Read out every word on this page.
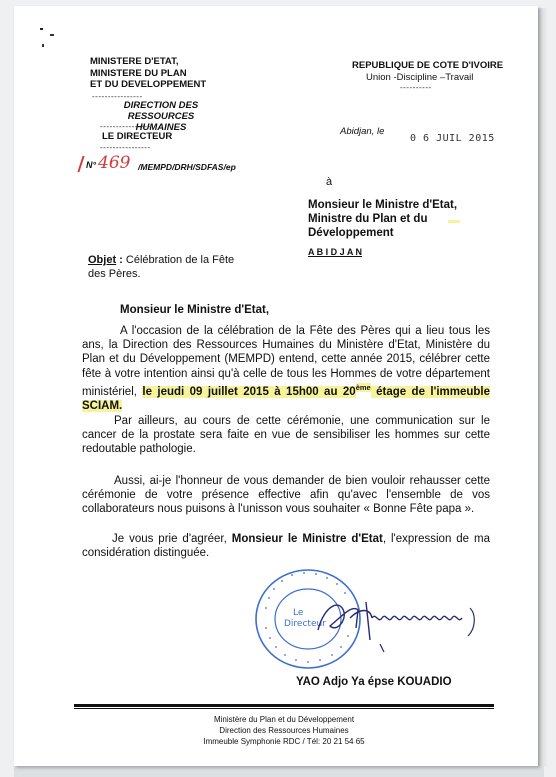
MINISTERE D'ETAT,
MINISTERE DU PLAN
ET DU DEVELOPPEMENT
----------------
DIRECTION DES RESSOURCES
HUMAINES
----------------
LE DIRECTEUR
----------------
REPUBLIQUE DE COTE D'IVOIRE
Union -Discipline –Travail
----------
Abidjan, le
0 6 JUIL 2015
N° 469 /MEMPD/DRH/SDFAS/ep
à
Monsieur le Ministre d'Etat,
Ministre du Plan et du
Développement
A B I D J A N
Objet : Célébration de la Fête
des Pères.
Monsieur le Ministre d'Etat,

A l'occasion de la célébration de la Fête des Pères qui a lieu tous les ans, la Direction des Ressources Humaines du Ministère d'Etat, Ministère du Plan et du Développement (MEMPD) entend, cette année 2015, célébrer cette fête à votre intention ainsi qu'à celle de tous les Hommes de votre département ministériel, le jeudi 09 juillet 2015 à 15h00 au 20ème étage de l'immeuble SCIAM.

Par ailleurs, au cours de cette cérémonie, une communication sur le cancer de la prostate sera faite en vue de sensibiliser les hommes sur cette redoutable pathologie.

Aussi, ai-je l'honneur de vous demander de bien vouloir rehausser cette cérémonie de votre présence effective afin qu'avec l'ensemble de vos collaborateurs nous puisons à l'unisson vous souhaiter « Bonne Fête papa ».

Je vous prie d'agréer, Monsieur le Ministre d'Etat, l'expression de ma considération distinguée.

Le
Directeur
YAO Adjo Ya épse KOUADIO
Ministère du Plan et du Développement
Direction des Ressources Humaines
Immeuble Symphonie RDC / Tél: 20 21 54 65
